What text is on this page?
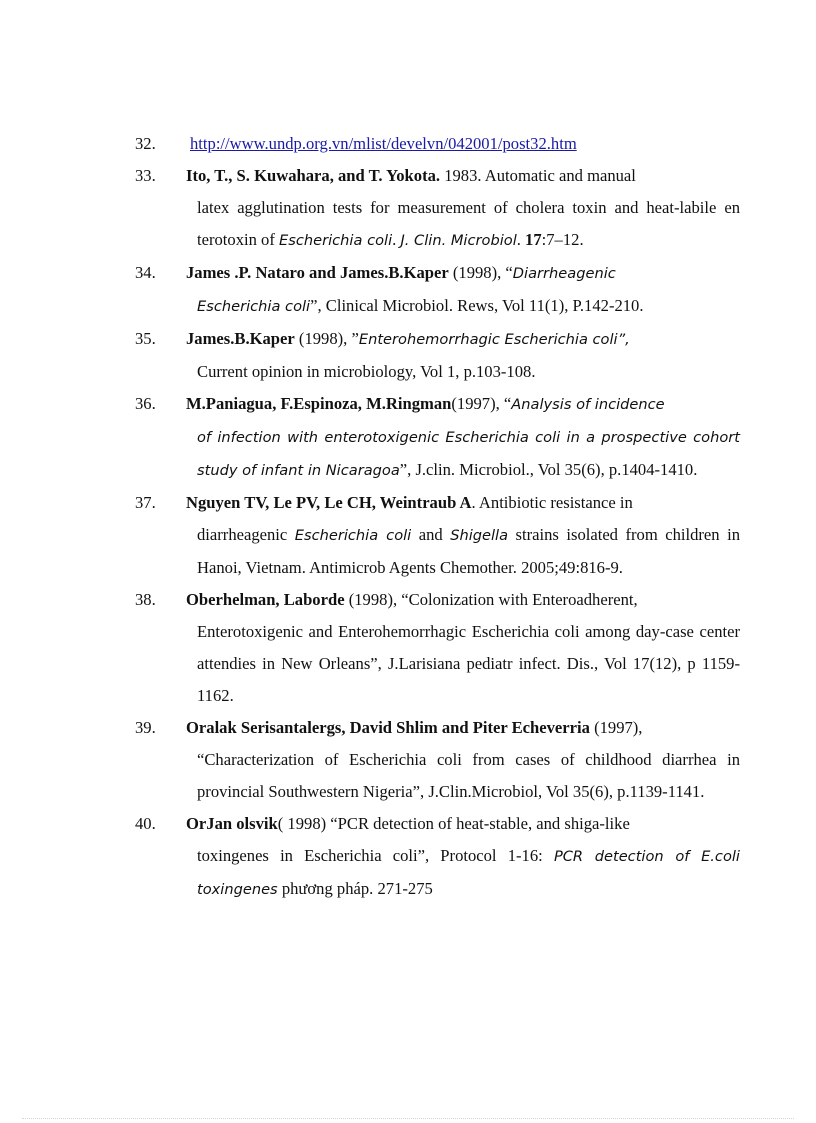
32.	http://www.undp.org.vn/mlist/develvn/042001/post32.htm
33.	Ito, T., S. Kuwahara, and T. Yokota. 1983. Automatic and manual
latex agglutination tests for measurement of cholera toxin and heat-labile en terotoxin of Escherichia coli. J. Clin. Microbiol. 17:7–12.
34.	James .P. Nataro and James.B.Kaper (1998), “Diarrheagenic
Escherichia coli”, Clinical Microbiol. Rews, Vol 11(1), P.142-210.
35.	James.B.Kaper (1998), ”Enterohemorrhagic Escherichia coli”,
Current opinion in microbiology, Vol 1, p.103-108.
36.	M.Paniagua, F.Espinoza, M.Ringman(1997), “Analysis of incidence
of infection with enterotoxigenic Escherichia coli in a prospective cohort study of infant in Nicaragoa”, J.clin. Microbiol., Vol 35(6), p.1404-1410.
37.	Nguyen TV, Le PV, Le CH, Weintraub A. Antibiotic resistance in
diarrheagenic Escherichia coli and Shigella strains isolated from children in Hanoi, Vietnam. Antimicrob Agents Chemother. 2005;49:816-9.
38.	Oberhelman, Laborde (1998), “Colonization with Enteroadherent,
Enterotoxigenic and Enterohemorrhagic Escherichia coli among day-case center attendies in New Orleans”, J.Larisiana pediatr infect. Dis., Vol 17(12), p 1159-1162.
39.	Oralak Serisantalergs, David Shlim and Piter Echeverria (1997),
“Characterization of Escherichia coli from cases of childhood diarrhea in provincial Southwestern Nigeria”, J.Clin.Microbiol, Vol 35(6), p.1139-1141.
40.	OrJan olsvik( 1998) “PCR detection of heat-stable, and shiga-like
toxingenes in Escherichia coli”, Protocol 1-16: PCR detection of E.coli toxingenes phương pháp. 271-275
